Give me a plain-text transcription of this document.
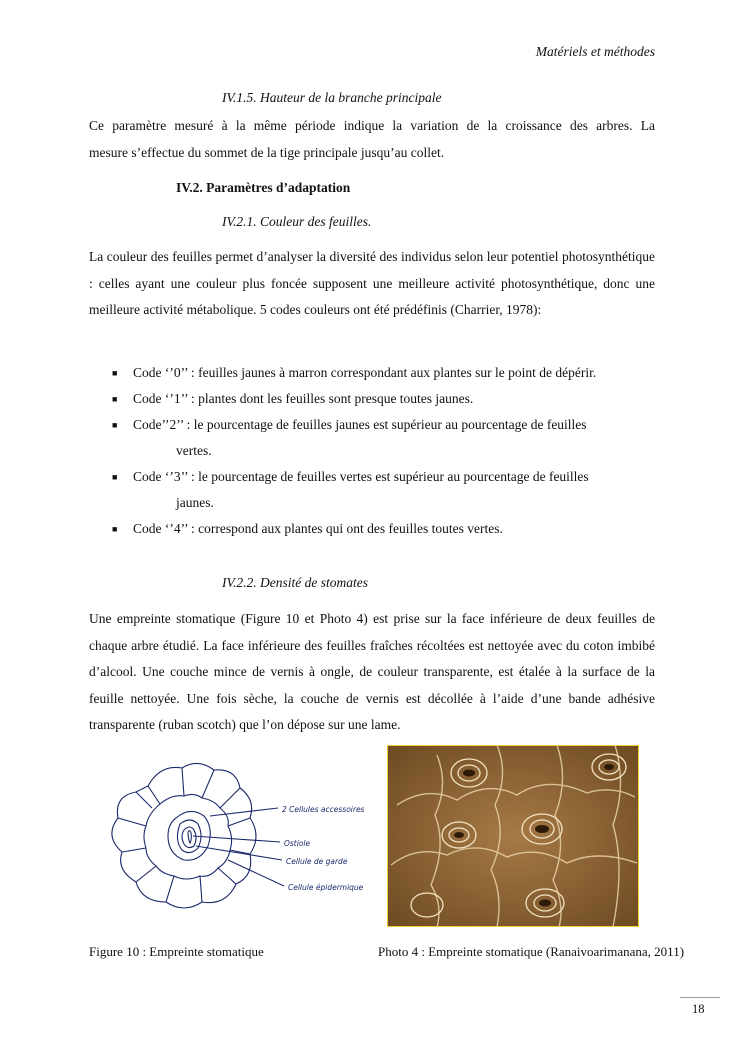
Matériels et méthodes
IV.1.5. Hauteur de la branche principale
Ce paramètre mesuré à la même période indique la variation de la croissance des arbres. La
mesure s’effectue du sommet de la tige principale jusqu’au collet.
IV.2. Paramètres d’adaptation
IV.2.1. Couleur des feuilles.
La couleur des feuilles permet d’analyser la diversité des individus selon leur potentiel photosynthétique : celles ayant une couleur plus foncée supposent une meilleure activité photosynthétique, donc une meilleure activité métabolique. 5 codes couleurs ont été prédéfinis (Charrier, 1978):
■ Code ‘’0’’ : feuilles jaunes à marron correspondant aux plantes sur le point de dépérir.
■ Code ‘’1’’ : plantes dont les feuilles sont presque toutes jaunes.
■ Code’’2’’ : le pourcentage de feuilles jaunes est supérieur au pourcentage de feuilles
vertes.
■ Code ‘’3’’ : le pourcentage de feuilles vertes est supérieur au pourcentage de feuilles
jaunes.
■ Code ‘’4’’ : correspond aux plantes qui ont des feuilles toutes vertes.
IV.2.2. Densité de stomates
Une empreinte stomatique (Figure 10 et Photo 4) est prise sur la face inférieure de deux feuilles de chaque arbre étudié. La face inférieure des feuilles fraîches récoltées est nettoyée avec du coton imbibé d’alcool. Une couche mince de vernis à ongle, de couleur transparente, est étalée à la surface de la feuille nettoyée. Une fois sèche, la couche de vernis est décollée à l’aide d’une bande adhésive transparente (ruban scotch) que l’on dépose sur une lame.
2 Cellules accessoires
Ostiole
Cellule de garde
Cellule épidermique
Figure 10 : Empreinte stomatique	Photo 4 : Empreinte stomatique (Ranaivoarimanana, 2011)
18
